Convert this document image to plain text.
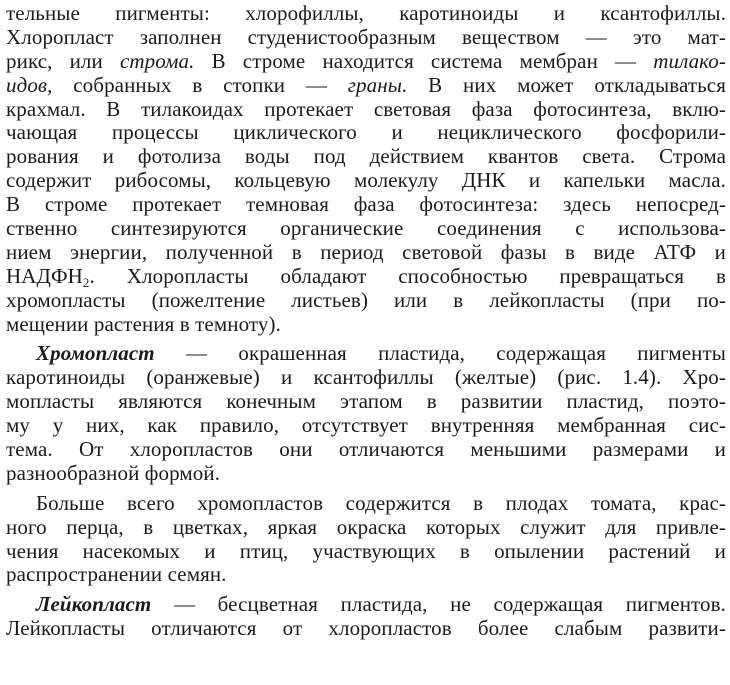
тельные пигменты: хлорофиллы, каротиноиды и ксантофиллы.
Хлоропласт заполнен студенистообразным веществом — это мат-
рикс, или строма. В строме находится система мембран — тилако-
идов, собранных в стопки — граны. В них может откладываться
крахмал. В тилакоидах протекает световая фаза фотосинтеза, вклю-
чающая процессы циклического и нециклического фосфорили-
рования и фотолиза воды под действием квантов света. Строма
содержит рибосомы, кольцевую молекулу ДНК и капельки масла.
В строме протекает темновая фаза фотосинтеза: здесь непосред-
ственно синтезируются органические соединения с использова-
нием энергии, полученной в период световой фазы в виде АТФ и
$НАДФН_2$. Хлоропласты обладают способностью превращаться в
хромопласты (пожелтение листьев) или в лейкопласты (при по-
мещении растения в темноту).
Хромопласт — окрашенная пластида, содержащая пигменты
каротиноиды (оранжевые) и ксантофиллы (желтые) (рис. 1.4). Хро-
мопласты являются конечным этапом в развитии пластид, поэто-
му у них, как правило, отсутствует внутренняя мембранная сис-
тема. От хлоропластов они отличаются меньшими размерами и
разнообразной формой.
Больше всего хромопластов содержится в плодах томата, крас-
ного перца, в цветках, яркая окраска которых служит для привле-
чения насекомых и птиц, участвующих в опылении растений и
распространении семян.
Лейкопласт — бесцветная пластида, не содержащая пигментов.
Лейкопласты отличаются от хлоропластов более слабым развити-
